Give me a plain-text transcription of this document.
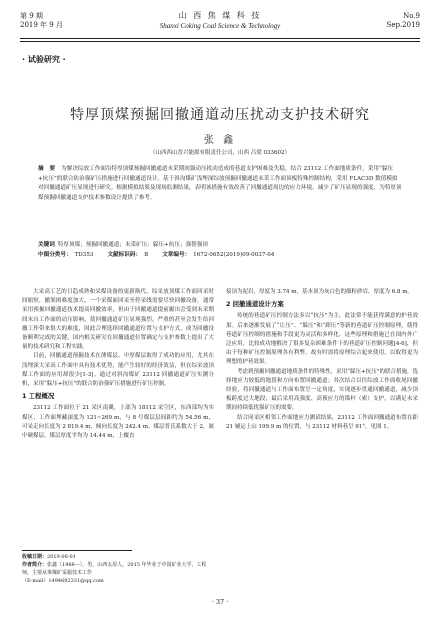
第 9 期
2019 年 9 月
山 西 焦 煤 科 技
Shanxi Coking Coal Science & Technology
No.9
Sep.2019
· 试验研究 ·
特厚顶煤预掘回撤通道动压扰动支护技术研究
张 鑫
（山西西山晋兴能源有限责任公司，山西 吕梁 033602）
摘 要 为解决综放工作面沿特厚顶煤预掘回撤通道末采期间强动压扰动造成的巷道支护困难及失稳，结合 23112 工作面地质条件，采用“躲压+抗压”的联合防治强矿压措施进行回撤通道设计。基于斜沟煤矿浅埋深综放预掘回撤通道末采工作面顶板特殊控制结构，采用 FLAC3D 数值模拟对回撤通道矿压显现进行研究。根据模拟结果及现场监测结果，表明该措施有效改善了回撤通道周边的应力环境，减少了矿压显现的强度，为特厚顶煤预掘回撤通道支护技术参数设计提供了参考。
关键词 特厚顶煤；预掘回撤通道；末采矿压；躲压+抗压；强帮强顶
中图分类号： TD353	文献标识码： B	文章编号： 1672-0652(2019)09-0037-04

大采高工艺的日趋成熟和采煤设备的更新换代，综采放顶煤工作面回采时间缩短，撤架困难度加大。一个采煤面回采至停采线需要尽快回撤设备，通常采用预掘回撤通道技术提高回撤效率，但由于回撤通道提前掘出会受到末采期间末自工作面的动压影响，使回撤通道矿压显现强烈，严重的甚至会发生给回撤工作带来很大的难度，因此合理选择回撤通道位置与支护方式，成为回撤设备顺利完成的关键。国内相关研究在回撤通道位置确定与支护参数上提出了大量的技术研究和工程实践。

目前，回撤通道预掘技术在薄煤层、中厚煤层取得了成功的应用，尤其在浅埋深大采高工作面中具有技术优势，能产生较好的经济效益，但在综采放顶煤工作面的应用却很少[1-3]。通过对斜沟煤矿 23112 回撤通道矿压实测分析，采用“躲压+抗压”的联合防治强矿压措施进行矿压控制。

1 工程概况

23112 工作面位于 21 采区南翼，上部为 18112 采空区，东西部均为实煤区，工作面埋藏深度为 121~269 m，与 8 号煤层层间距约为 54.56 m，可采走向长度为 2 819.4 m，倾向长度为 242.4 m。煤层普氏系数大于 2，属中硬煤层。煤层厚度平均为 14.44 m，上覆直

接顶为泥岩，厚度为 3.74 m，基本顶为灰白色的细粒砂岩，厚度为 6.8 m。

2 回撤通道设计方案

传统的巷道矿压控制方法多以“抗压”为主，此法常不能获得满意的护巷效果。后来逐渐发展了“让压”、“躲压”和“卸压”等新的巷道矿压控制原理，使得巷道矿压控制的措施和手段更为灵活和多样化。这些原理和措施已在国内外广泛应用，比较成功地解决了很多复杂困难条件下的巷道矿压控制问题[4-6]，但由于每种矿压控制原理各有利弊，故有时需将原理综合起来使用，以取得更为理想的护巷效果。

考虑到预掘回撤通道地质条件的特殊性，采用“躲压+抗压”的联合措施，选择地应力较低的地段和方向布置回撤通道；其次结合以往综放工作面收尾回撤经验，将回撤通道与工作面布置呈一定角度，实现逐步贯通回撤通道，减少顶板跨度过大地段；最后采用高强度、高预应力的锚杆（索）支护，以满足末采期间持续低扰强矿压的需要。

结合同采区相邻工作面地应力测试结果，23112 工作面回撤通道布置在距 21 辅运上山 199.9 m 的位置，与 23112 材料巷呈 91°，见图 1。

收稿日期：2019-06-01
作者简介：张鑫（1988—），男，山西太原人，2015 年毕业于中国矿业大学，工程师，主要从事煤矿采掘技术工作
（E-mail）1494692331@qq.com
· 37 ·
